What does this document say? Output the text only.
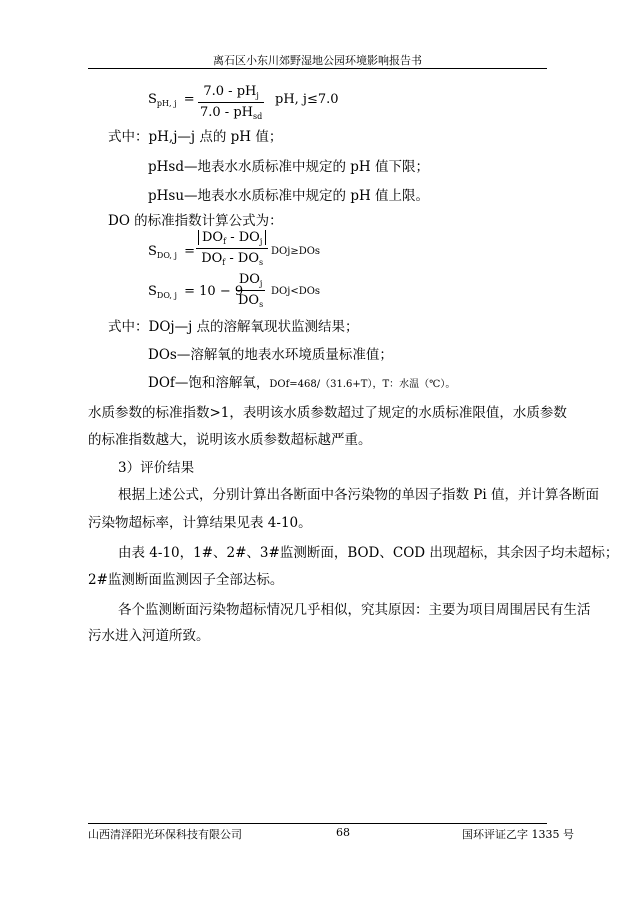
离石区小东川郊野湿地公园环境影响报告书
$S_{pH, j}$ =
$7.0 - pH_j$
$7.0 - pH_{sd}$
pH, j≤7.0
式中：pH,j—j 点的 pH 值；
pHsd—地表水水质标准中规定的 pH 值下限；
pHsu—地表水水质标准中规定的 pH 值上限。
DO 的标准指数计算公式为：
$S_{DO, j}$ =
$DO_f - DO_j$
$DO_f - DO_s$
DOj≥DOs
$S_{DO, j} = 10 - 9$
$DO_j$
$DO_s$
DOj<DOs
式中：DOj—j 点的溶解氧现状监测结果；
DOs—溶解氧的地表水环境质量标准值；
DOf—饱和溶解氧，DOf=468/（31.6+T），T：水温（℃）。
水质参数的标准指数>1，表明该水质参数超过了规定的水质标准限值，水质参数
的标准指数越大，说明该水质参数超标越严重。
3）评价结果
根据上述公式，分别计算出各断面中各污染物的单因子指数 Pi 值，并计算各断面
污染物超标率，计算结果见表 4-10。
由表 4-10，1#、2#、3#监测断面，BOD、COD 出现超标，其余因子均未超标；
2#监测断面监测因子全部达标。
各个监测断面污染物超标情况几乎相似，究其原因：主要为项目周围居民有生活
污水进入河道所致。
山西清泽阳光环保科技有限公司	68	国环评证乙字 1335 号
